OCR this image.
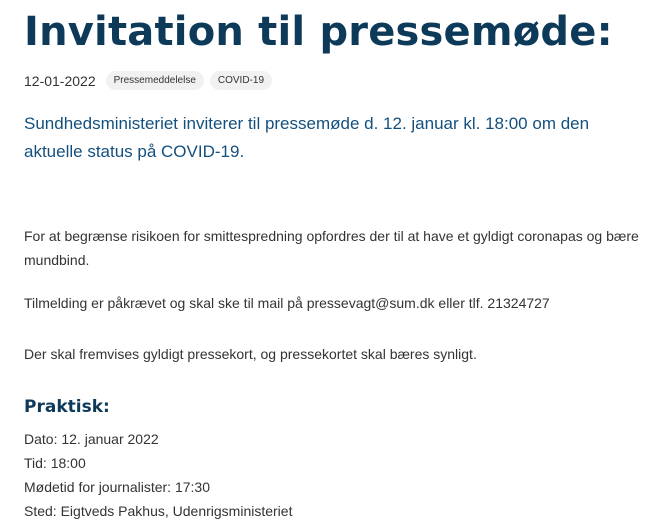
Invitation til pressemøde:
12-01-2022	Pressemeddelelse	COVID-19

Sundhedsministeriet inviterer til pressemøde d. 12. januar kl. 18:00 om den aktuelle status på COVID-19.

For at begrænse risikoen for smittespredning opfordres der til at have et gyldigt coronapas og bære mundbind.

Tilmelding er påkrævet og skal ske til mail på pressevagt@sum.dk eller tlf. 21324727

Der skal fremvises gyldigt pressekort, og pressekortet skal bæres synligt.

Praktisk:
Dato: 12. januar 2022
Tid: 18:00
Mødetid for journalister: 17:30
Sted: Eigtveds Pakhus, Udenrigsministeriet
